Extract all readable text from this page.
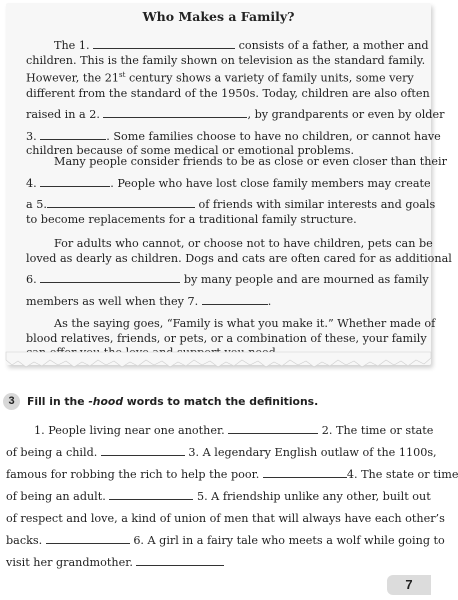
Who Makes a Family?
The 1.	consists of a father, a mother and
children. This is the family shown on television as the standard family.
However, the 21st century shows a variety of family units, some very
different from the standard of the 1950s. Today, children are also often
raised in a 2.	, by grandparents or even by older
3.	. Some families choose to have no children, or cannot have
children because of some medical or emotional problems.
Many people consider friends to be as close or even closer than their
4.	. People who have lost close family members may create
a 5.	of friends with similar interests and goals
to become replacements for a traditional family structure.
For adults who cannot, or choose not to have children, pets can be
loved as dearly as children. Dogs and cats are often cared for as additional
6.	by many people and are mourned as family
members as well when they 7.	.
As the saying goes, “Family is what you make it.” Whether made of
blood relatives, friends, or pets, or a combination of these, your family
3	Fill in the -hood words to match the definitions.
1. People living near one another.	2. The time or state
of being a child.	3. A legendary English outlaw of the 1100s,
famous for robbing the rich to help the poor.	4. The state or time
of being an adult.	5. A friendship unlike any other, built out
of respect and love, a kind of union of men that will always have each other’s
backs.	6. A girl in a fairy tale who meets a wolf while going to
visit her grandmother.
7
